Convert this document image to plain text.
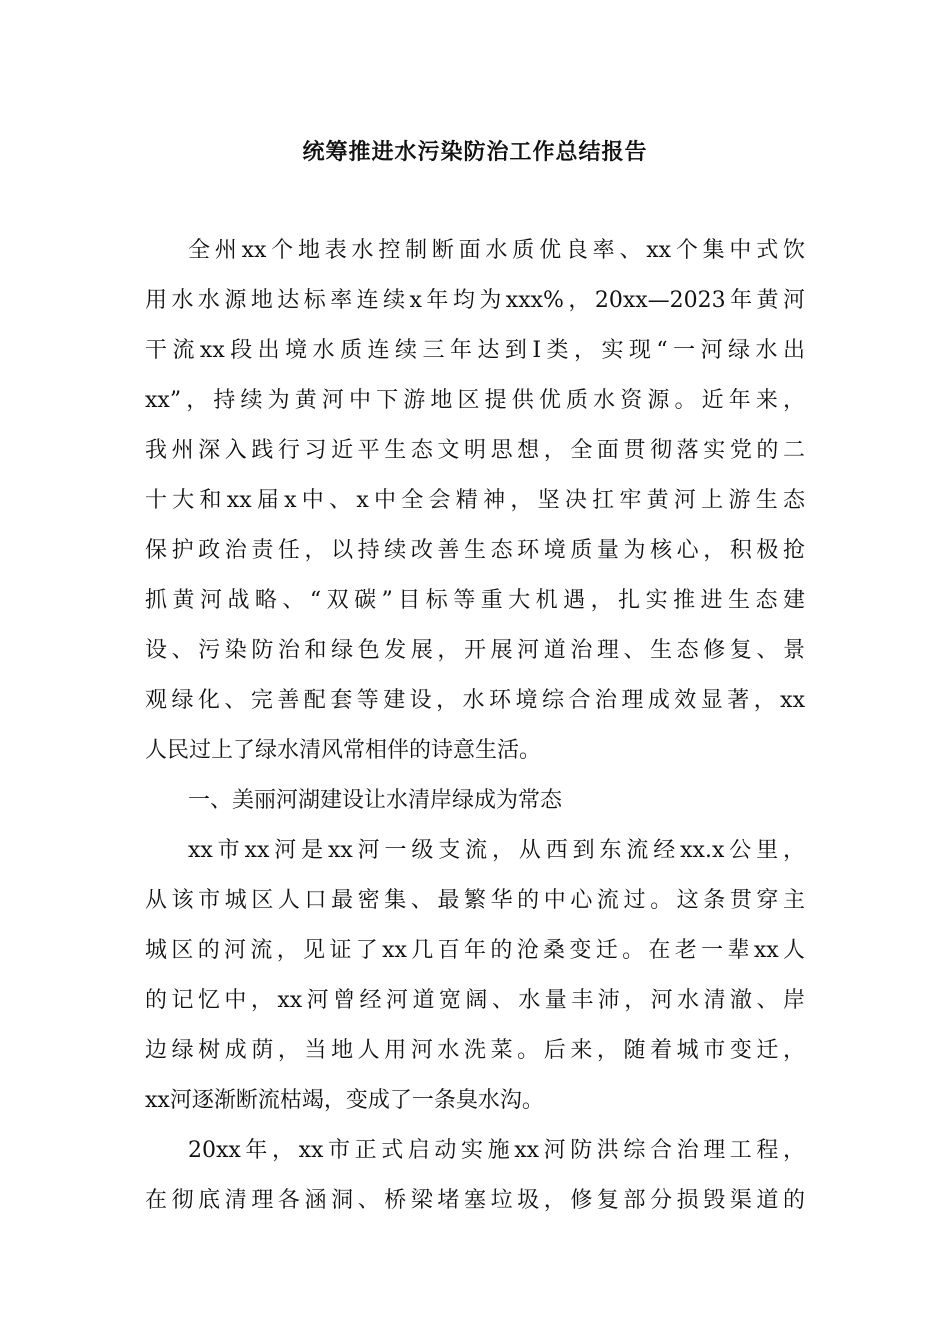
统筹推进水污染防治工作总结报告
全州xx个地表水控制断面水质优良率、xx个集中式饮
用水水源地达标率连续x年均为xxx%，20xx—2023年黄河
干流xx段出境水质连续三年达到Ⅰ类，实现“一河绿水出
xx”，持续为黄河中下游地区提供优质水资源。近年来，
我州深入践行习近平生态文明思想，全面贯彻落实党的二
十大和xx届x中、x中全会精神，坚决扛牢黄河上游生态
保护政治责任，以持续改善生态环境质量为核心，积极抢
抓黄河战略、“双碳”目标等重大机遇，扎实推进生态建
设、污染防治和绿色发展，开展河道治理、生态修复、景
观绿化、完善配套等建设，水环境综合治理成效显著，xx
人民过上了绿水清风常相伴的诗意生活。
一、美丽河湖建设让水清岸绿成为常态
xx市xx河是xx河一级支流，从西到东流经xx.x公里，
从该市城区人口最密集、最繁华的中心流过。这条贯穿主
城区的河流，见证了xx几百年的沧桑变迁。在老一辈xx人
的记忆中，xx河曾经河道宽阔、水量丰沛，河水清澈、岸
边绿树成荫，当地人用河水洗菜。后来，随着城市变迁，
xx河逐渐断流枯竭，变成了一条臭水沟。
20xx年，xx市正式启动实施xx河防洪综合治理工程，
在彻底清理各涵洞、桥梁堵塞垃圾，修复部分损毁渠道的
